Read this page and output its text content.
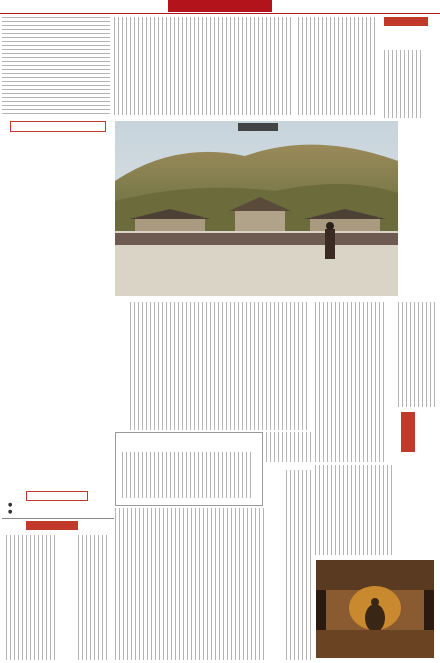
●
●
